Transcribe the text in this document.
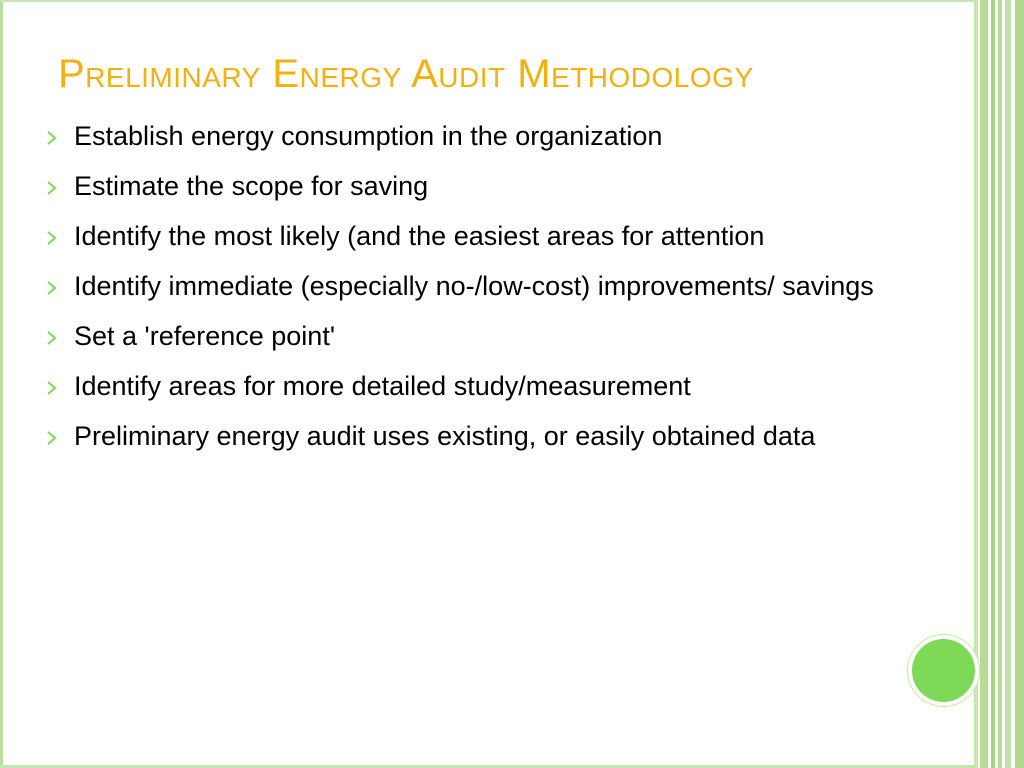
Preliminary Energy Audit Methodology
Establish energy consumption in the organization
Estimate the scope for saving
Identify the most likely (and the easiest areas for attention
Identify immediate (especially no-/low-cost) improvements/ savings
Set a 'reference point'
Identify areas for more detailed study/measurement
Preliminary energy audit uses existing, or easily obtained data
